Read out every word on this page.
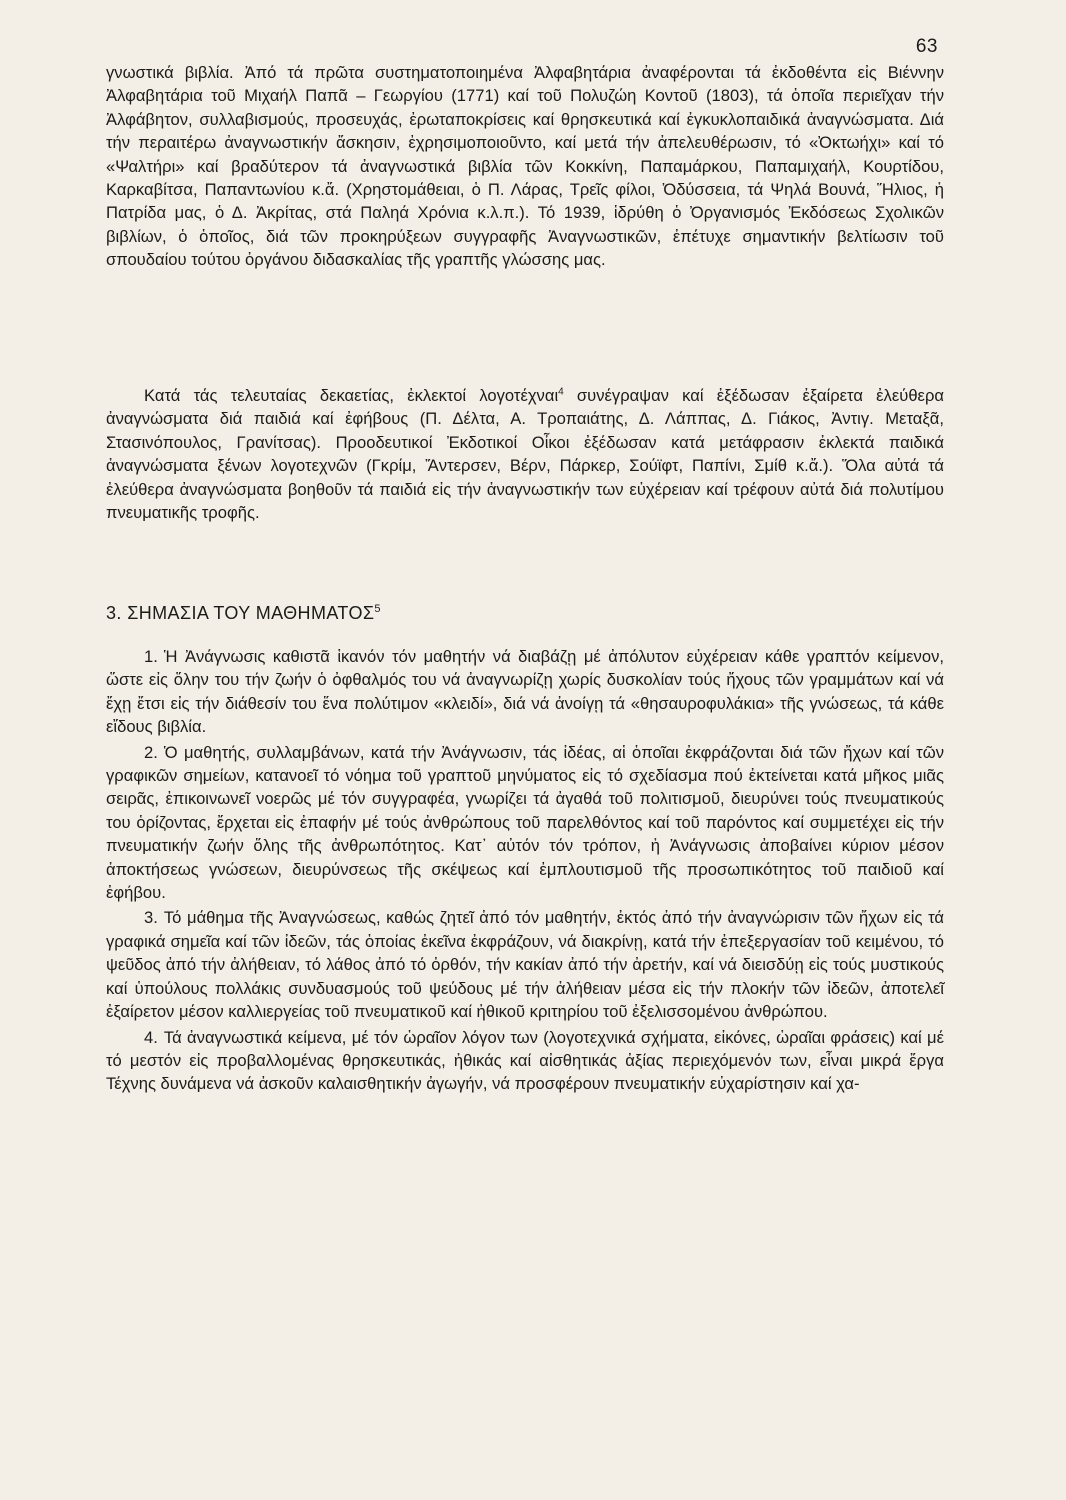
63

γνωστικά βιβλία. Ἀπό τά πρῶτα συστηματοποιημένα Ἀλφαβητάρια ἀναφέρονται τά ἐκδοθέντα εἰς Βιέννην Ἀλφαβητάρια τοῦ Μιχαήλ Παπᾶ – Γεωργίου (1771) καί τοῦ Πολυζώη Κοντοῦ (1803), τά ὁποῖα περιεῖχαν τήν Ἀλφάβητον, συλλαβισμούς, προσευχάς, ἐρωταποκρίσεις καί θρησκευτικά καί ἐγκυκλοπαιδικά ἀναγνώσματα. Διά τήν περαιτέρω ἀναγνωστικήν ἄσκησιν, ἐχρησιμοποιοῦντο, καί μετά τήν ἀπελευθέρωσιν, τό «Ὀκτωήχι» καί τό «Ψαλτήρι» καί βραδύτερον τά ἀναγνωστικά βιβλία τῶν Κοκκίνη, Παπαμάρκου, Παπαμιχαήλ, Κουρτίδου, Καρκαβίτσα, Παπαντωνίου κ.ἄ. (Χρηστομάθειαι, ὁ Π. Λάρας, Τρεῖς φίλοι, Ὀδύσσεια, τά Ψηλά Βουνά, Ἥλιος, ἡ Πατρίδα μας, ὁ Δ. Ἀκρίτας, στά Παληά Χρόνια κ.λ.π.). Τό 1939, ἱδρύθη ὁ Ὀργανισμός Ἐκδόσεως Σχολικῶν βιβλίων, ὁ ὁποῖος, διά τῶν προκηρύξεων συγγραφῆς Ἀναγνωστικῶν, ἐπέτυχε σημαντικήν βελτίωσιν τοῦ σπουδαίου τούτου ὀργάνου διδασκαλίας τῆς γραπτῆς γλώσσης μας.

Κατά τάς τελευταίας δεκαετίας, ἐκλεκτοί λογοτέχναι$^4$ συνέγραψαν καί ἐξέδωσαν ἐξαίρετα ἐλεύθερα ἀναγνώσματα διά παιδιά καί ἐφήβους (Π. Δέλτα, Α. Τροπαιάτης, Δ. Λάππας, Δ. Γιάκος, Ἀντιγ. Μεταξᾶ, Στασινόπουλος, Γρανίτσας). Προοδευτικοί Ἐκδοτικοί Οἶκοι ἐξέδωσαν κατά μετάφρασιν ἐκλεκτά παιδικά ἀναγνώσματα ξένων λογοτεχνῶν (Γκρίμ, Ἄντερσεν, Βέρν, Πάρκερ, Σούϊφτ, Παπίνι, Σμίθ κ.ἄ.). Ὅλα αὐτά τά ἐλεύθερα ἀναγνώσματα βοηθοῦν τά παιδιά εἰς τήν ἀναγνωστικήν των εὐχέρειαν καί τρέφουν αὐτά διά πολυτίμου πνευματικῆς τροφῆς.

3. ΣΗΜΑΣΙΑ ΤΟΥ ΜΑΘΗΜΑΤΟΣ$^5$

1. Ἡ Ἀνάγνωσις καθιστᾶ ἱκανόν τόν μαθητήν νά διαβάζῃ μέ ἀπόλυτον εὐχέρειαν κάθε γραπτόν κείμενον, ὥστε εἰς ὅλην του τήν ζωήν ὁ ὀφθαλμός του νά ἀναγνωρίζῃ χωρίς δυσκολίαν τούς ἤχους τῶν γραμμάτων καί νά ἔχῃ ἔτσι εἰς τήν διάθεσίν του ἕνα πολύτιμον «κλειδί», διά νά ἀνοίγῃ τά «θησαυροφυλάκια» τῆς γνώσεως, τά κάθε εἴδους βιβλία.

2. Ὁ μαθητής, συλλαμβάνων, κατά τήν Ἀνάγνωσιν, τάς ἰδέας, αἱ ὁποῖαι ἐκφράζονται διά τῶν ἤχων καί τῶν γραφικῶν σημείων, κατανοεῖ τό νόημα τοῦ γραπτοῦ μηνύματος εἰς τό σχεδίασμα πού ἐκτείνεται κατά μῆκος μιᾶς σειρᾶς, ἐπικοινωνεῖ νοερῶς μέ τόν συγγραφέα, γνωρίζει τά ἀγαθά τοῦ πολιτισμοῦ, διευρύνει τούς πνευματικούς του ὁρίζοντας, ἔρχεται εἰς ἐπαφήν μέ τούς ἀνθρώπους τοῦ παρελθόντος καί τοῦ παρόντος καί συμμετέχει εἰς τήν πνευματικήν ζωήν ὅλης τῆς ἀνθρωπότητος. Κατ᾽ αὐτόν τόν τρόπον, ἡ Ἀνάγνωσις ἀποβαίνει κύριον μέσον ἀποκτήσεως γνώσεων, διευρύνσεως τῆς σκέψεως καί ἐμπλουτισμοῦ τῆς προσωπικότητος τοῦ παιδιοῦ καί ἐφήβου.

3. Τό μάθημα τῆς Ἀναγνώσεως, καθώς ζητεῖ ἀπό τόν μαθητήν, ἐκτός ἀπό τήν ἀναγνώρισιν τῶν ἤχων εἰς τά γραφικά σημεῖα καί τῶν ἰδεῶν, τάς ὁποίας ἐκεῖνα ἐκφράζουν, νά διακρίνῃ, κατά τήν ἐπεξεργασίαν τοῦ κειμένου, τό ψεῦδος ἀπό τήν ἀλήθειαν, τό λάθος ἀπό τό ὀρθόν, τήν κακίαν ἀπό τήν ἀρετήν, καί νά διεισδύῃ εἰς τούς μυστικούς καί ὑπούλους πολλάκις συνδυασμούς τοῦ ψεύδους μέ τήν ἀλήθειαν μέσα εἰς τήν πλοκήν τῶν ἰδεῶν, ἀποτελεῖ ἐξαίρετον μέσον καλλιεργείας τοῦ πνευματικοῦ καί ἠθικοῦ κριτηρίου τοῦ ἐξελισσομένου ἀνθρώπου.

4. Τά ἀναγνωστικά κείμενα, μέ τόν ὡραῖον λόγον των (λογοτεχνικά σχήματα, εἰκόνες, ὡραῖαι φράσεις) καί μέ τό μεστόν εἰς προβαλλομένας θρησκευτικάς, ἠθικάς καί αἰσθητικάς ἀξίας περιεχόμενόν των, εἶναι μικρά ἔργα Τέχνης δυνάμενα νά ἀσκοῦν καλαισθητικήν ἀγωγήν, νά προσφέρουν πνευματικήν εὐχαρίστησιν καί χα-
